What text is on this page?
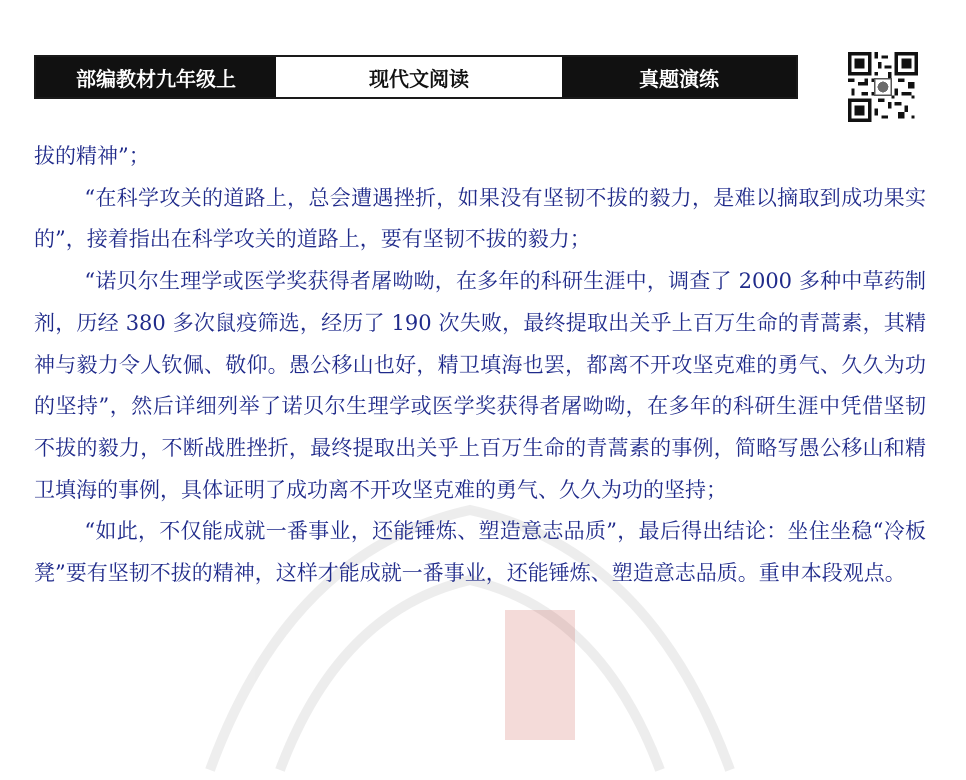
部编教材九年级上	现代文阅读	真题演练

拔的精神”；

“在科学攻关的道路上，总会遭遇挫折，如果没有坚韧不拔的毅力，是难以摘取到成功果实的”，接着指出在科学攻关的道路上，要有坚韧不拔的毅力；

“诺贝尔生理学或医学奖获得者屠呦呦，在多年的科研生涯中，调查了 2000 多种中草药制剂，历经 380 多次鼠疫筛选，经历了 190 次失败，最终提取出关乎上百万生命的青蒿素，其精神与毅力令人钦佩、敬仰。愚公移山也好，精卫填海也罢，都离不开攻坚克难的勇气、久久为功的坚持”，然后详细列举了诺贝尔生理学或医学奖获得者屠呦呦，在多年的科研生涯中凭借坚韧不拔的毅力，不断战胜挫折，最终提取出关乎上百万生命的青蒿素的事例，简略写愚公移山和精卫填海的事例，具体证明了成功离不开攻坚克难的勇气、久久为功的坚持；

“如此，不仅能成就一番事业，还能锤炼、塑造意志品质”，最后得出结论：坐住坐稳“冷板凳”要有坚韧不拔的精神，这样才能成就一番事业，还能锤炼、塑造意志品质。重申本段观点。
